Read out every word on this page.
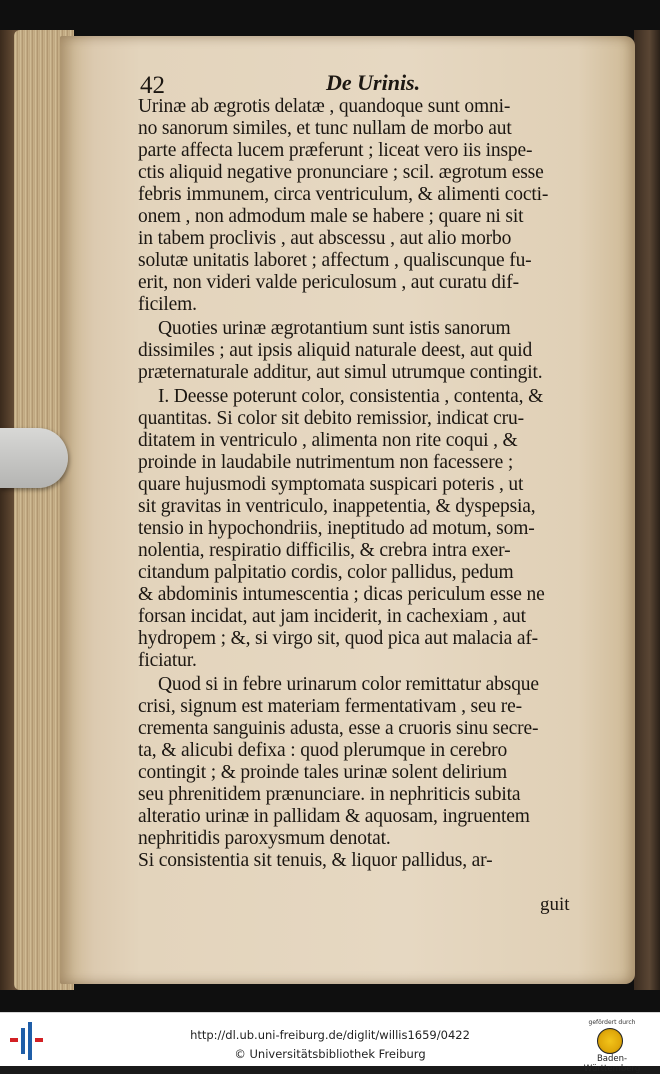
42	De Urinis.
Urinæ ab ægrotis delatæ , quandoque sunt omni-
no sanorum similes, et tunc nullam de morbo aut
parte affecta lucem præferunt ; liceat vero iis inspe-
ctis aliquid negative pronunciare ; scil. ægrotum esse
febris immunem, circa ventriculum, & alimenti cocti-
onem , non admodum male se habere ; quare ni sit
in tabem proclivis , aut abscessu , aut alio morbo
solutæ unitatis laboret ; affectum , qualiscunque fu-
erit, non videri valde periculosum , aut curatu dif-
ficilem.
Quoties urinæ ægrotantium sunt istis sanorum
dissimiles ; aut ipsis aliquid naturale deest, aut quid
præternaturale additur, aut simul utrumque contingit.
I. Deesse poterunt color, consistentia , contenta, &
quantitas. Si color sit debito remissior, indicat cru-
ditatem in ventriculo , alimenta non rite coqui , &
proinde in laudabile nutrimentum non facessere ;
quare hujusmodi symptomata suspicari poteris , ut
sit gravitas in ventriculo, inappetentia, & dyspepsia,
tensio in hypochondriis, ineptitudo ad motum, som-
nolentia, respiratio difficilis, & crebra intra exer-
citandum palpitatio cordis, color pallidus, pedum
& abdominis intumescentia ; dicas periculum esse ne
forsan incidat, aut jam inciderit, in cachexiam , aut
hydropem ; &, si virgo sit, quod pica aut malacia af-
ficiatur.
Quod si in febre urinarum color remittatur absque
crisi, signum est materiam fermentativam , seu re-
crementa sanguinis adusta, esse a cruoris sinu secre-
ta, & alicubi defixa : quod plerumque in cerebro
contingit ; & proinde tales urinæ solent delirium
seu phrenitidem prænunciare. in nephriticis subita
alteratio urinæ in pallidam & aquosam, ingruentem
nephritidis paroxysmum denotat.
Si consistentia sit tenuis, & liquor pallidus, ar-
guit
http://dl.ub.uni-freiburg.de/diglit/willis1659/0422
© Universitätsbibliothek Freiburg
gefördert durch
Baden-Württemberg
